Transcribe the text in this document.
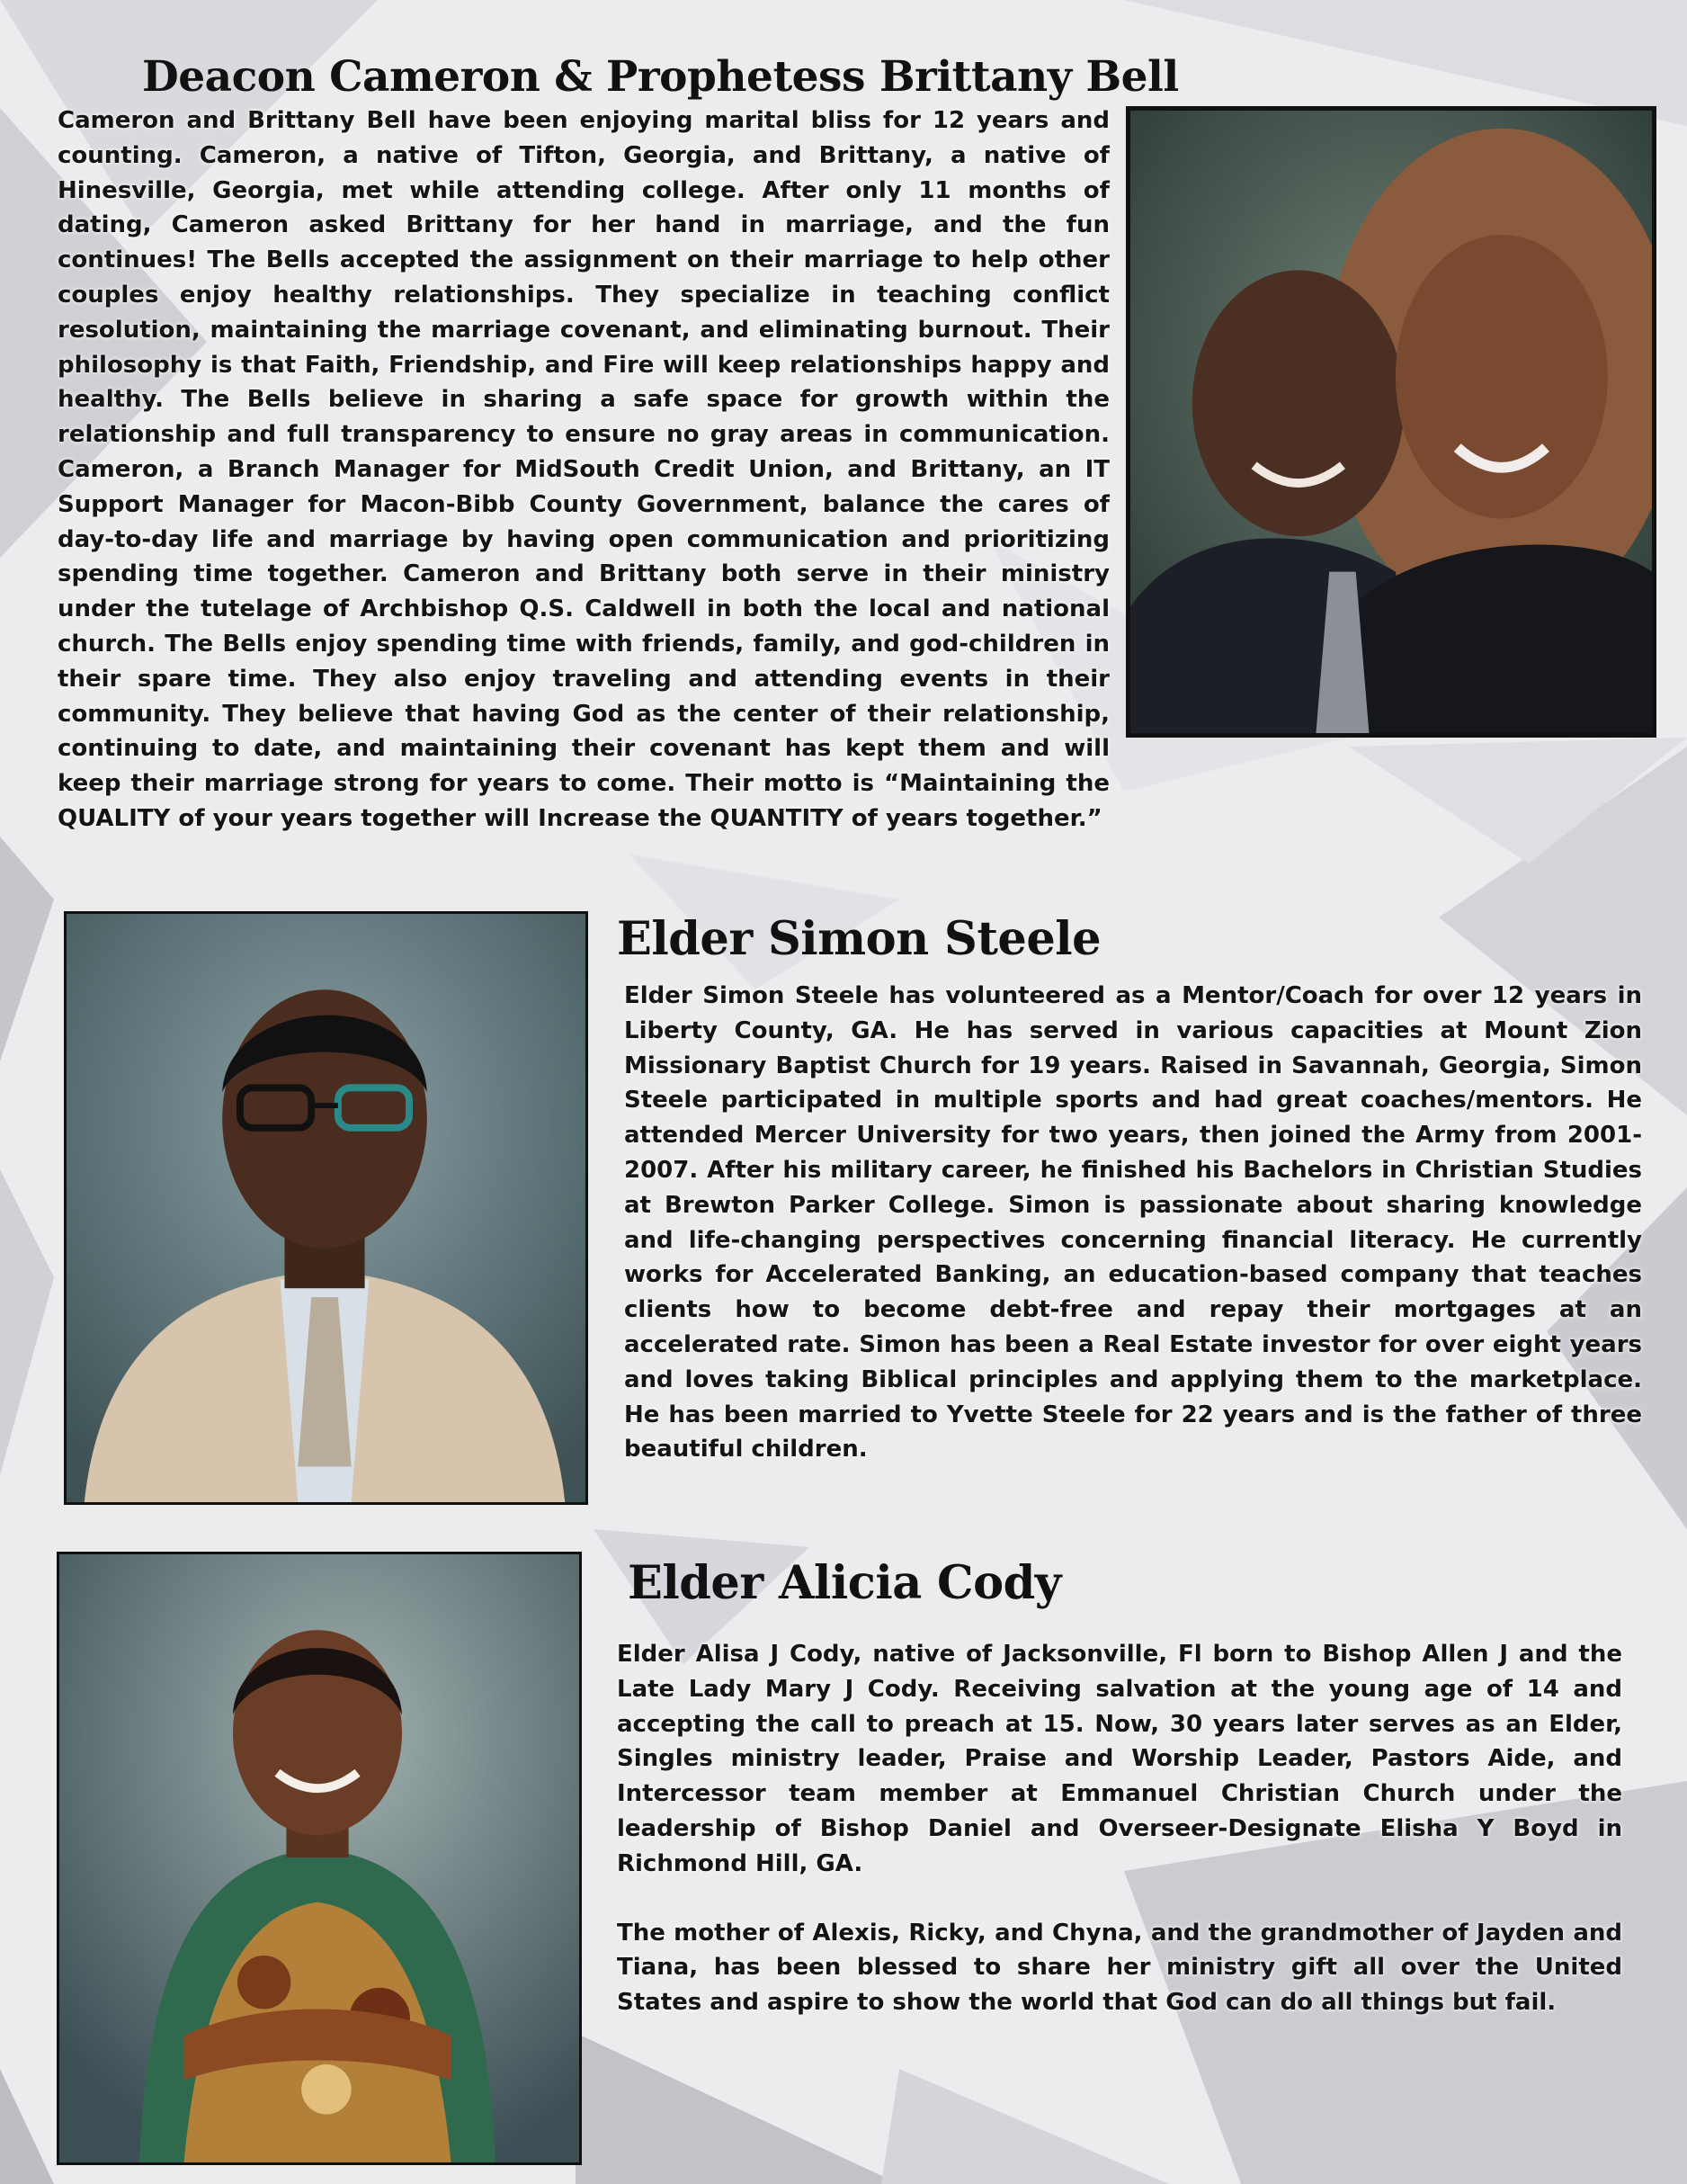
Deacon Cameron & Prophetess Brittany Bell

Cameron and Brittany Bell have been enjoying marital bliss for 12 years and counting. Cameron, a native of Tifton, Georgia, and Brittany, a native of Hinesville, Georgia, met while attending college. After only 11 months of dating, Cameron asked Brittany for her hand in marriage, and the fun continues! The Bells accepted the assignment on their marriage to help other couples enjoy healthy relationships. They specialize in teaching conflict resolution, maintaining the marriage covenant, and eliminating burnout. Their philosophy is that Faith, Friendship, and Fire will keep relationships happy and healthy. The Bells believe in sharing a safe space for growth within the relationship and full transparency to ensure no gray areas in communication. Cameron, a Branch Manager for MidSouth Credit Union, and Brittany, an IT Support Manager for Macon-Bibb County Government, balance the cares of day-to-day life and marriage by having open communication and prioritizing spending time together. Cameron and Brittany both serve in their ministry under the tutelage of Archbishop Q.S. Caldwell in both the local and national church. The Bells enjoy spending time with friends, family, and god-children in their spare time. They also enjoy traveling and attending events in their community. They believe that having God as the center of their relationship, continuing to date, and maintaining their covenant has kept them and will keep their marriage strong for years to come. Their motto is “Maintaining the QUALITY of your years together will Increase the QUANTITY of years together.”

Elder Simon Steele

Elder Simon Steele has volunteered as a Mentor/Coach for over 12 years in Liberty County, GA. He has served in various capacities at Mount Zion Missionary Baptist Church for 19 years. Raised in Savannah, Georgia, Simon Steele participated in multiple sports and had great coaches/mentors. He attended Mercer University for two years, then joined the Army from 2001-2007. After his military career, he finished his Bachelors in Christian Studies at Brewton Parker College. Simon is passionate about sharing knowledge and life-changing perspectives concerning financial literacy. He currently works for Accelerated Banking, an education-based company that teaches clients how to become debt-free and repay their mortgages at an accelerated rate. Simon has been a Real Estate investor for over eight years and loves taking Biblical principles and applying them to the marketplace. He has been married to Yvette Steele for 22 years and is the father of three beautiful children.

Elder Alicia Cody

Elder Alisa J Cody, native of Jacksonville, Fl born to Bishop Allen J and the Late Lady Mary J Cody. Receiving salvation at the young age of 14 and accepting the call to preach at 15. Now, 30 years later serves as an Elder, Singles ministry leader, Praise and Worship Leader, Pastors Aide, and Intercessor team member at Emmanuel Christian Church under the leadership of Bishop Daniel and Overseer-Designate Elisha Y Boyd in Richmond Hill, GA.

The mother of Alexis, Ricky, and Chyna, and the grandmother of Jayden and Tiana, has been blessed to share her ministry gift all over the United States and aspire to show the world that God can do all things but fail.
